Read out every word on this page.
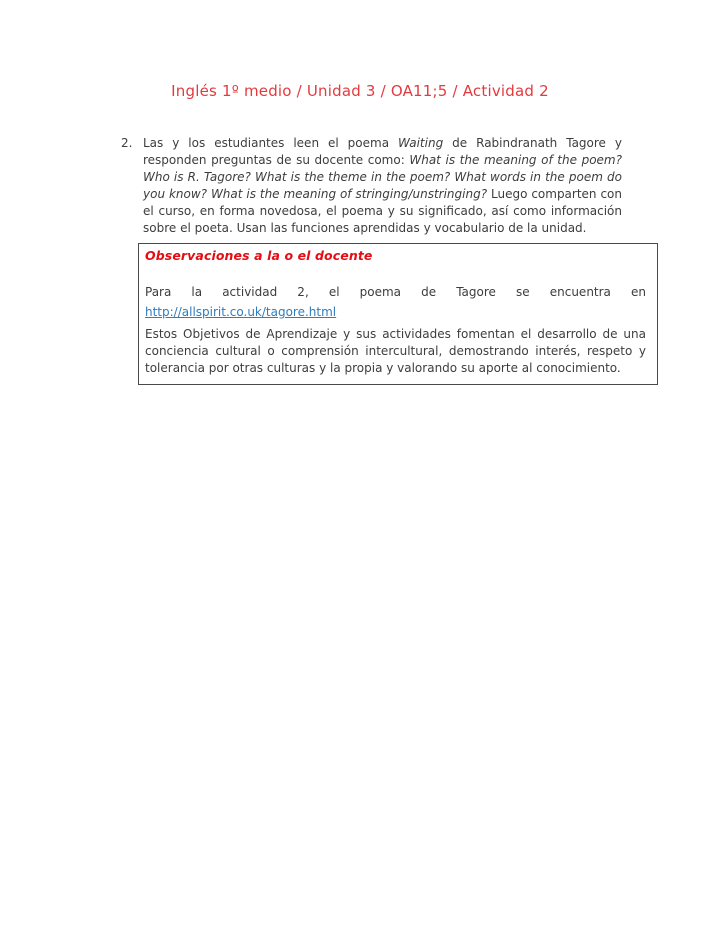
Inglés 1º medio / Unidad 3 / OA11;5 / Actividad 2
2. Las y los estudiantes leen el poema Waiting de Rabindranath Tagore y responden preguntas de su docente como: What is the meaning of the poem? Who is R. Tagore? What is the theme in the poem? What words in the poem do you know? What is the meaning of stringing/unstringing? Luego comparten con el curso, en forma novedosa, el poema y su significado, así como información sobre el poeta. Usan las funciones aprendidas y vocabulario de la unidad.

Observaciones a la o el docente

Para la actividad 2, el poema de Tagore se encuentra en

http://allspirit.co.uk/tagore.html

Estos Objetivos de Aprendizaje y sus actividades fomentan el desarrollo de una conciencia cultural o comprensión intercultural, demostrando interés, respeto y tolerancia por otras culturas y la propia y valorando su aporte al conocimiento.
